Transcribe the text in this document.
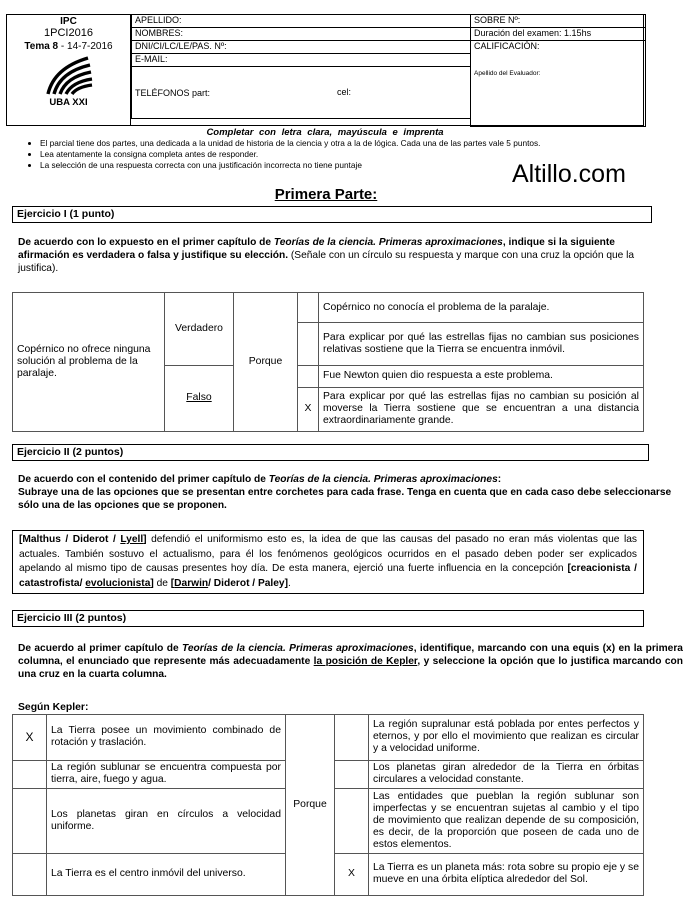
IPC
1PCI2016
Tema 8 - 14-7-2016
UBA XXI
APELLIDO:
NOMBRES:
DNI/CI/LC/LE/PAS. Nº:
E-MAIL:
TELÉFONOS part:	cel:
SOBRE Nº:
Duración del examen: 1.15hs
CALIFICACIÓN:
Apellido del Evaluador:
Completar con letra clara, mayúscula e imprenta
• El parcial tiene dos partes, una dedicada a la unidad de historia de la ciencia y otra a la de lógica. Cada una de las partes vale 5 puntos.
• Lea atentamente la consigna completa antes de responder.
• La selección de una respuesta correcta con una justificación incorrecta no tiene puntaje	Altillo.com
Primera Parte:
Ejercicio I (1 punto)
De acuerdo con lo expuesto en el primer capítulo de Teorías de la ciencia. Primeras aproximaciones, indique si la siguiente afirmación es verdadera o falsa y justifique su elección. (Señale con un círculo su respuesta y marque con una cruz la opción que la justifica).
Copérnico no ofrece ninguna solución al problema de la paralaje.	Verdadero	Porque		Copérnico no conocía el problema de la paralaje.
				Para explicar por qué las estrellas fijas no cambian sus posiciones relativas sostiene que la Tierra se encuentra inmóvil.
	Falso			Fue Newton quien dio respuesta a este problema.
			X	Para explicar por qué las estrellas fijas no cambian su posición al moverse la Tierra sostiene que se encuentran a una distancia extraordinariamente grande.
Ejercicio II (2 puntos)
De acuerdo con el contenido del primer capítulo de Teorías de la ciencia. Primeras aproximaciones:
Subraye una de las opciones que se presentan entre corchetes para cada frase. Tenga en cuenta que en cada caso debe seleccionarse sólo una de las opciones que se proponen.
[Malthus / Diderot / Lyell] defendió el uniformismo esto es, la idea de que las causas del pasado no eran más violentas que las actuales. También sostuvo el actualismo, para él los fenómenos geológicos ocurridos en el pasado deben poder ser explicados apelando al mismo tipo de causas presentes hoy día. De esta manera, ejerció una fuerte influencia en la concepción [creacionista / catastrofista/ evolucionista] de [Darwin/ Diderot / Paley].
Ejercicio III (2 puntos)
De acuerdo al primer capítulo de Teorías de la ciencia. Primeras aproximaciones, identifique, marcando con una equis (x) en la primera columna, el enunciado que represente más adecuadamente la posición de Kepler, y seleccione la opción que lo justifica marcando con una cruz en la cuarta columna.
Según Kepler:
X	La Tierra posee un movimiento combinado de rotación y traslación.	Porque		La región supralunar está poblada por entes perfectos y eternos, y por ello el movimiento que realizan es circular y a velocidad uniforme.
	La región sublunar se encuentra compuesta por tierra, aire, fuego y agua.			Los planetas giran alrededor de la Tierra en órbitas circulares a velocidad constante.
	Los planetas giran en círculos a velocidad uniforme.			Las entidades que pueblan la región sublunar son imperfectas y se encuentran sujetas al cambio y el tipo de movimiento que realizan depende de su composición, es decir, de la proporción que poseen de cada uno de estos elementos.
	La Tierra es el centro inmóvil del universo.		X	La Tierra es un planeta más: rota sobre su propio eje y se mueve en una órbita elíptica alrededor del Sol.
